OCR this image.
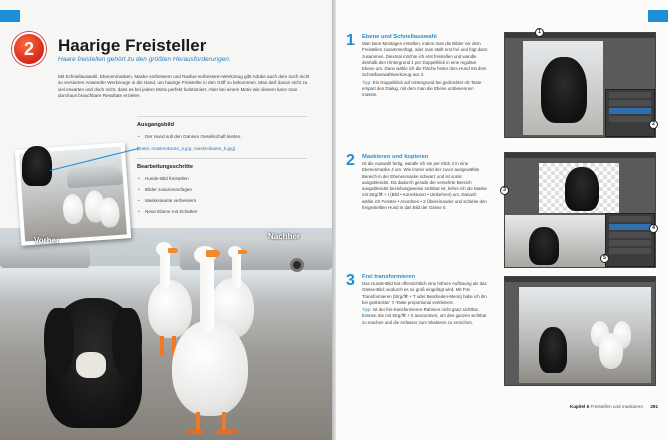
2	Haarige Freisteller
Haare freistellen gehört zu den größten Herausforderungen.
Mit Schnellauswahl, Ebenenmasken, Maske verbessern und Radius-verbessern-Werkzeug gibt Adobe auch dem noch nicht so versierten Anwender Werkzeuge in die Hand, um haarige Freisteller in den Griff zu bekommen. Man darf davon nicht zu viel erwarten und doch nicht, dass es bei jedem Motiv perfekt funktioniert. Aber bei einem Motiv wie diesem kann man durchaus brauchbare Resultate erzielen.
Ausgangsbild
• Der Hund soll den Gänsen Gesellschaft leisten.
[Datei: maskenkante_a.jpg, maskenkante_b.jpg]
Bearbeitungsschritte
• Hunde-Bild freistellen
• Bilder zusammenfügen
• Maskenkante verbessern
• Neue Ebene mit Schatten
Vorher	Nachher
1 Ebene und Schnellauswahl
Man kann Montagen erstellen, indem man die Bilder vor dem Freistellen zusammenfügt, oder man stellt erst frei und fügt dann zusammen. Diesmal möchte ich erst freistellen und wandle deshalb den Hintergrund 1 per Doppelklick in eine reguläre Ebene um. Dann wähle ich die Fläche hinter dem Hund mit dem Schnellauswahlwerkzeug aus 2.
Tipp: Ein Doppelklick auf Hintergrund bei gedrückter Alt-Taste erspart den Dialog, mit dem man die Ebene umbenennen müsste.
2 Maskieren und kopieren
Ist die Auswahl fertig, wandle ich sie per Klick 3 in eine Ebenenmaske 4 um. Wie immer wird der zuvor ausgewählte Bereich in der Ebenenmaske schwarz und ist somit ausgeblendet. Da dadurch gerade der versehrte Bereich ausgeblendet beziehungsweise sichtbar ist, kehre ich die Maske mit Strg/⌘ + I (Bild • Korrekturen • Umkehren) um. Danach wähle ich Fenster • Anordnen • 2 Übereinander und schiebe den freigestellten Hund in das Bild der Gänse 5.
3 Frei transformieren
Das Hunde-Bild hat offensichtlich eine höhere Auflösung als das Gänse-Bild; wodurch es so groß eingefügt wird. Mit Frei Transformieren (Strg/⌘ + T oder Bearbeiten-Menü) habe ich ihn bei gedrückter ⇧-Taste proportional verkleinert.
Tipp: Ist der frei-transformieren-Rahmen nicht ganz sichtbar, können Sie mit Strg/⌘ + 0 auszoomen, um den ganzen sichtbar zu machen und die Anfasser zum Skalieren zu erreichen.
1
2
3
4
5
Kapitel 6 Freistellen und maskieren 291
